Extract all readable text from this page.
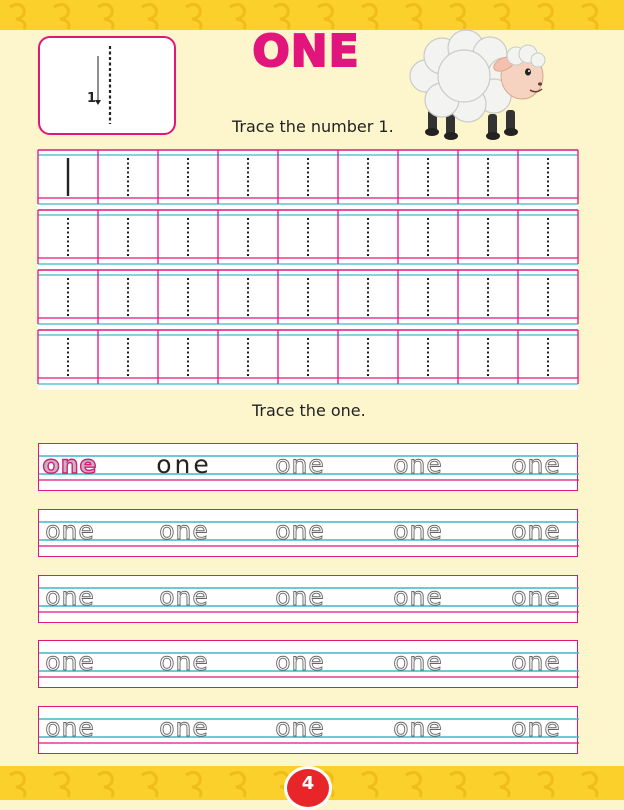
1
ONE
Trace the number 1.
Trace the one.
one	one	one	one	one
one	one	one	one	one
one	one	one	one	one
one	one	one	one	one
one	one	one	one	one
4
